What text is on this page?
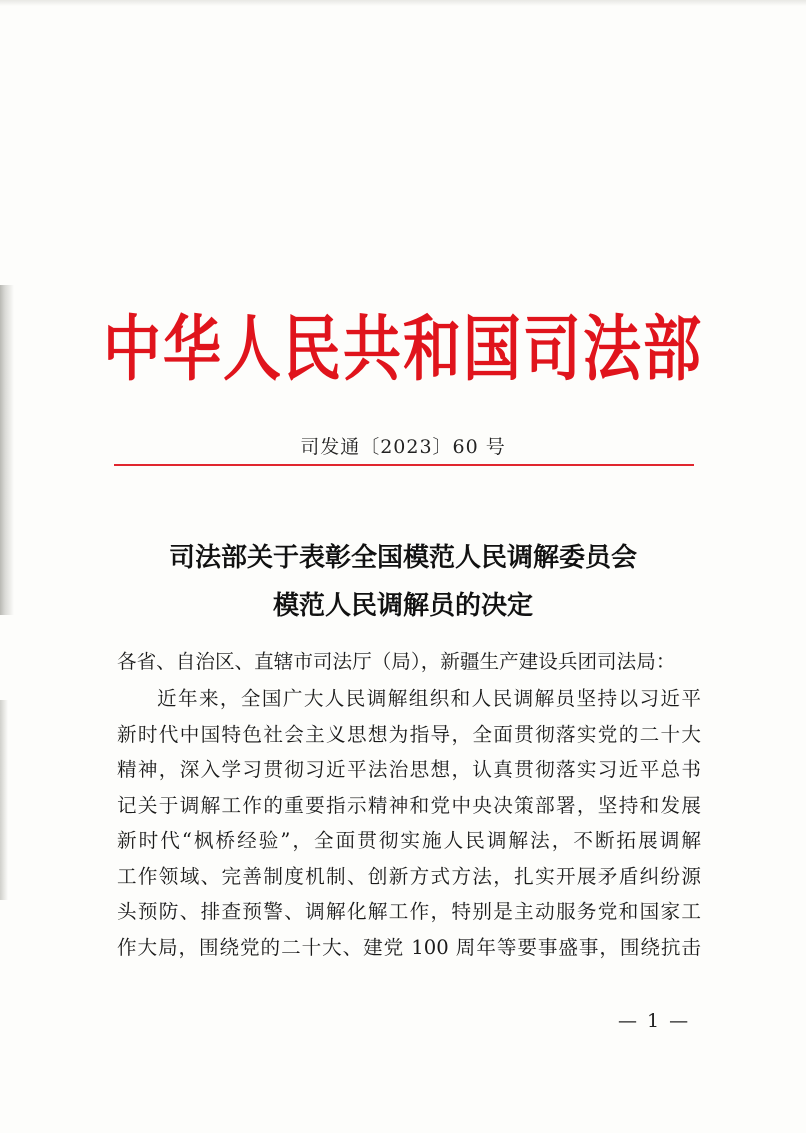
中华人民共和国司法部
司发通〔2023〕60 号
司法部关于表彰全国模范人民调解委员会
模范人民调解员的决定
各省、自治区、直辖市司法厅（局），新疆生产建设兵团司法局：
近年来，全国广大人民调解组织和人民调解员坚持以习近平
新时代中国特色社会主义思想为指导，全面贯彻落实党的二十大
精神，深入学习贯彻习近平法治思想，认真贯彻落实习近平总书
记关于调解工作的重要指示精神和党中央决策部署，坚持和发展
新时代“枫桥经验”，全面贯彻实施人民调解法，不断拓展调解
工作领域、完善制度机制、创新方式方法，扎实开展矛盾纠纷源
头预防、排查预警、调解化解工作，特别是主动服务党和国家工
作大局，围绕党的二十大、建党 100 周年等要事盛事，围绕抗击
— 1 —
